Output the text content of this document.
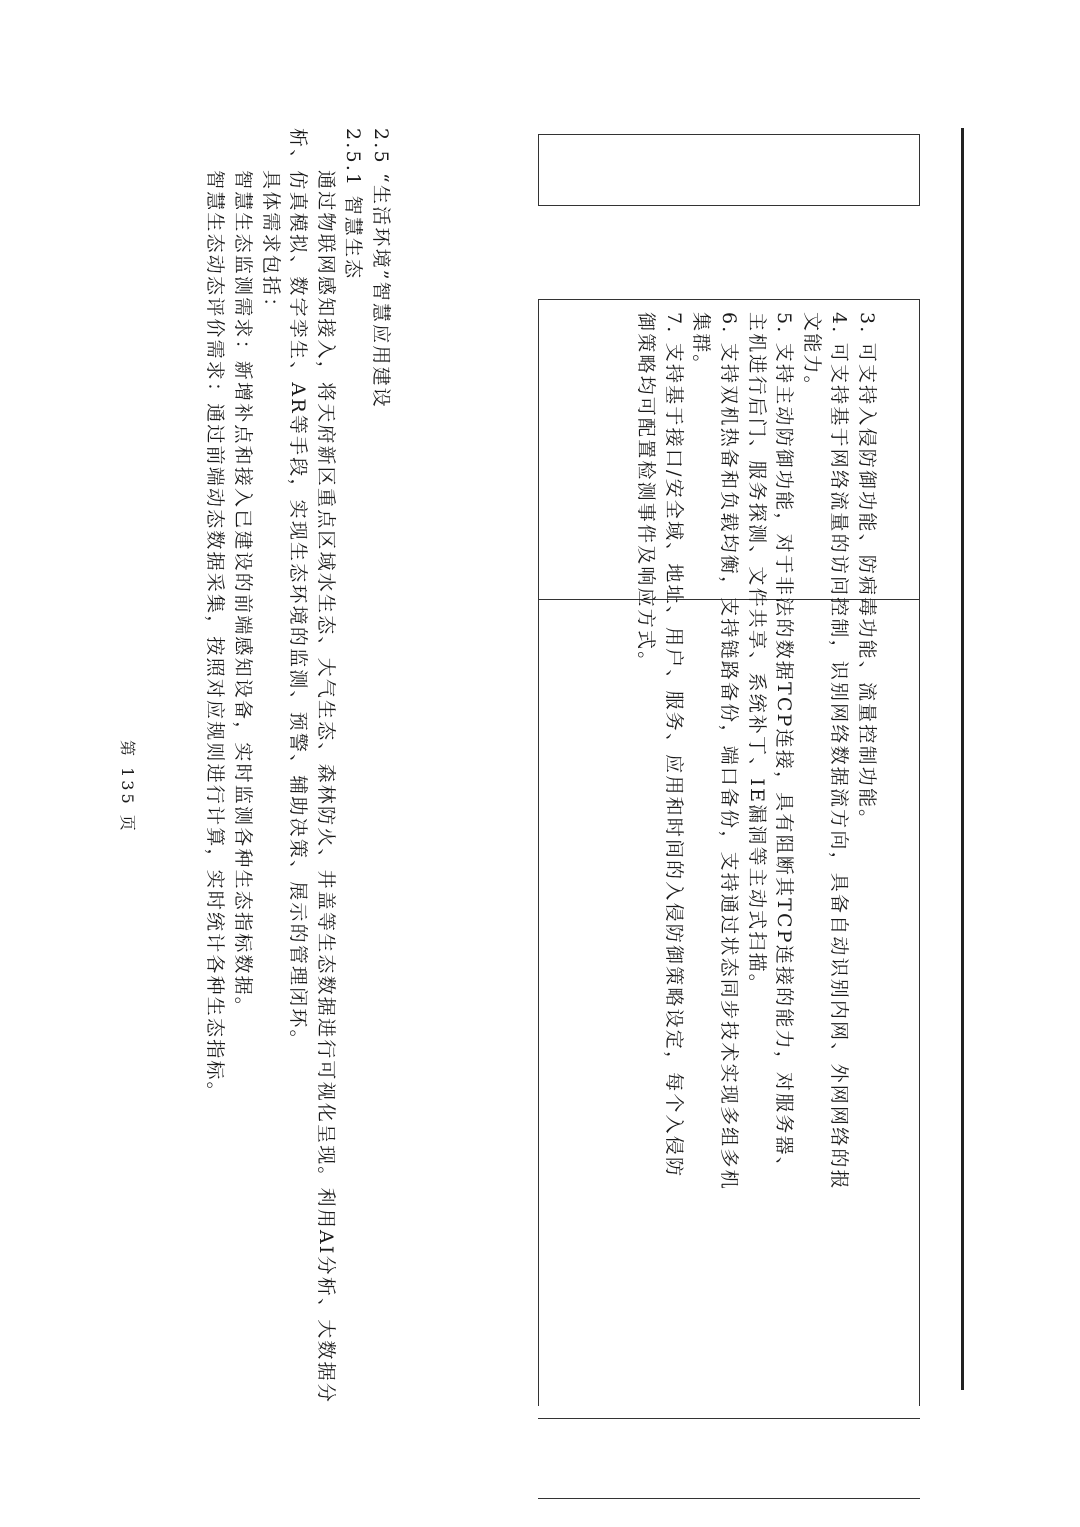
3. 可支持入侵防御功能、防病毒功能、流量控制功能。

4. 可支持基于网络流量的访问控制，识别网络数据流方向，具备自动识别内网、外网网络的报文能力。

5. 支持主动防御功能，对于非法的数据TCP连接，具有阻断其TCP连接的能力，对服务器、主机进行后门、服务探测、文件共享、系统补丁、IE漏洞等主动式扫描。

6. 支持双机热备和负载均衡，支持链路备份，端口备份，支持通过状态同步技术实现多组多机集群。

7. 支持基于接口/安全域、地址、用户、服务、应用和时间的入侵防御策略设定，每个入侵防御策略均可配置检测事件及响应方式。

2.5 “生活环境”智慧应用建设

2.5.1 智慧生态

通过物联网感知接入，将天府新区重点区域水生态、大气生态、森林防火、井盖等生态数据进行可视化呈现。利用AI分析、大数据分析、仿真模拟、数字孪生、AR等手段，实现生态环境的监测、预警、辅助决策、展示的管理闭环。

具体需求包括：

智慧生态监测需求：新增补点和接入已建设的前端感知设备，实时监测各种生态指标数据。

智慧生态动态评价需求：通过前端动态数据采集，按照对应规则进行计算，实时统计各种生态指标。

第 135 页
